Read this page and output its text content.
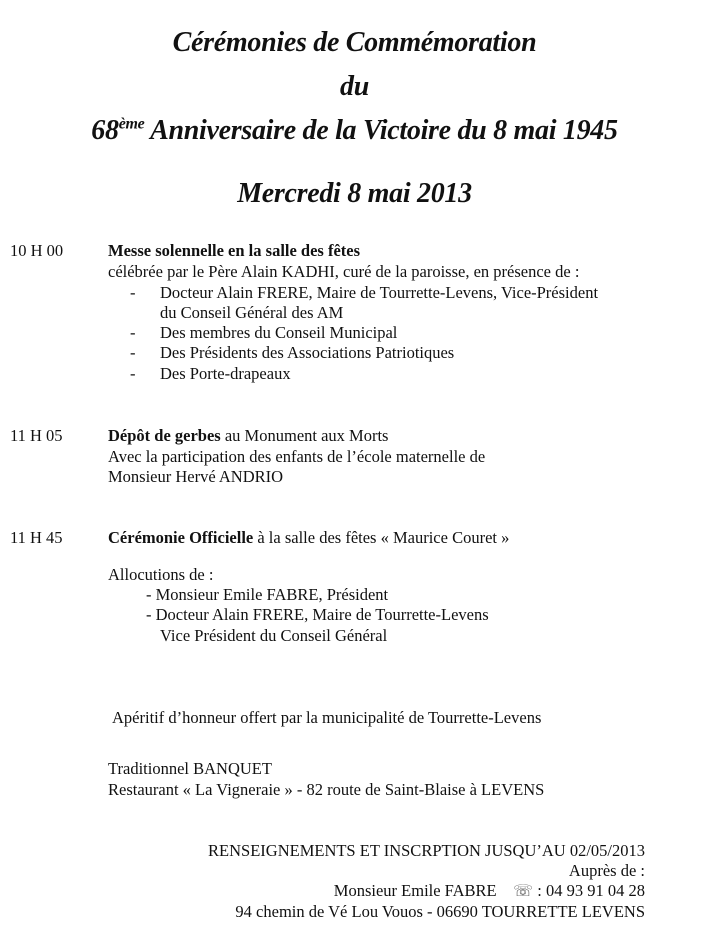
Cérémonies de Commémoration
du
68ème Anniversaire de la Victoire du 8 mai 1945
Mercredi 8 mai 2013
10 H 00	Messe solennelle en la salle des fêtes
célébrée par le Père Alain KADHI, curé de la paroisse, en présence de :
- Docteur Alain FRERE, Maire de Tourrette-Levens, Vice-Président
du Conseil Général des AM
- Des membres du Conseil Municipal
- Des Présidents des Associations Patriotiques
- Des Porte-drapeaux
11 H 05	Dépôt de gerbes au Monument aux Morts
Avec la participation des enfants de l’école maternelle de
Monsieur Hervé ANDRIO
11 H 45	Cérémonie Officielle à la salle des fêtes « Maurice Couret »
Allocutions de :
- Monsieur Emile FABRE, Président
- Docteur Alain FRERE, Maire de Tourrette-Levens
Vice Président du Conseil Général
Apéritif d’honneur offert par la municipalité de Tourrette-Levens
Traditionnel BANQUET
Restaurant « La Vigneraie » - 82 route de Saint-Blaise à LEVENS
RENSEIGNEMENTS ET INSCRPTION JUSQU’AU 02/05/2013
Auprès de :
Monsieur Emile FABRE ☏ : 04 93 91 04 28
94 chemin de Vé Lou Vouos - 06690 TOURRETTE LEVENS
